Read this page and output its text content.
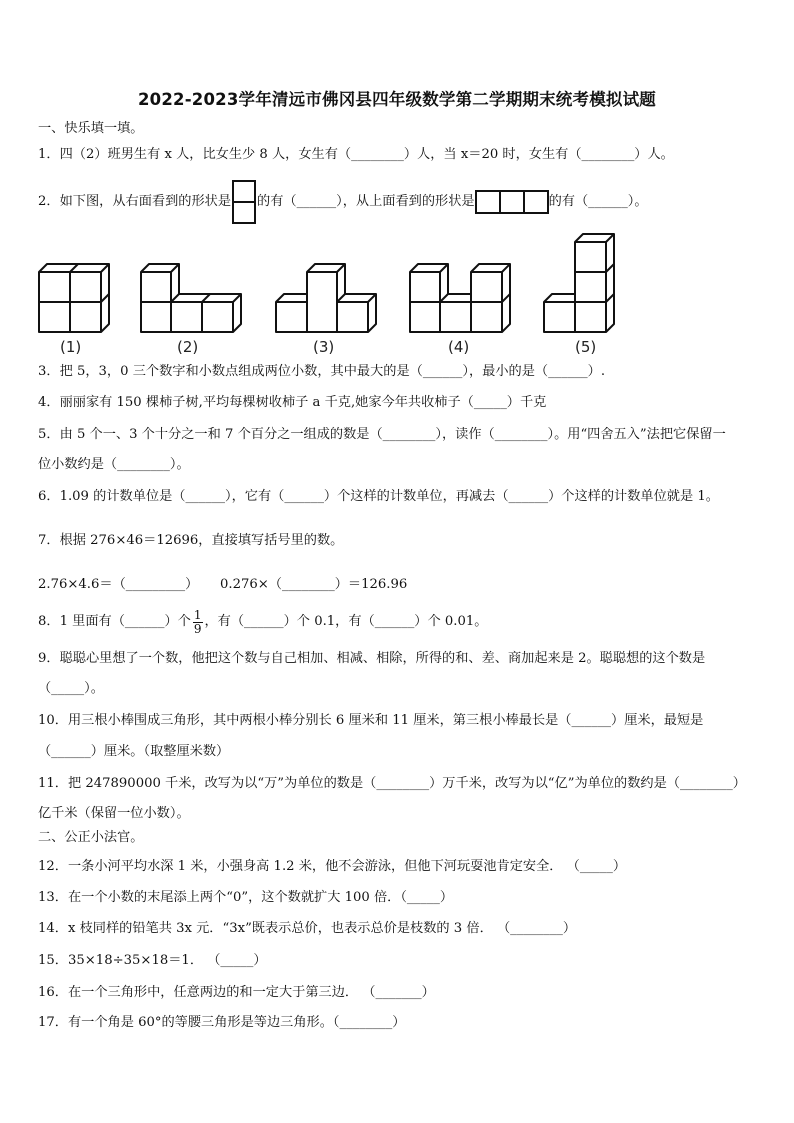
2022-2023学年清远市佛冈县四年级数学第二学期期末统考模拟试题
一、快乐填一填。
1．四（2）班男生有 x 人，比女生少 8 人，女生有（________）人，当 x＝20 时，女生有（________）人。
2．如下图，从右面看到的形状是 的有（______），从上面看到的形状是	的有（______）。
(1)	(2)	(3)	(4)	(5)
3．把 5，3，0 三个数字和小数点组成两位小数，其中最大的是（______），最小的是（______）.
4．丽丽家有 150 棵柿子树,平均每棵树收柿子 a 千克,她家今年共收柿子（_____）千克
5．由 5 个一、3 个十分之一和 7 个百分之一组成的数是（________），读作（________）。用“四舍五入”法把它保留一
位小数约是（________）。
6．1.09 的计数单位是（______），它有（______）个这样的计数单位，再减去（______）个这样的计数单位就是 1。
7．根据 276×46＝12696，直接填写括号里的数。
2.76×4.6＝（_________） 0.276×（________）＝126.96
8．1 里面有（______）个 $\frac{1}{9}$ ，有（______）个 0.1，有（______）个 0.01。
9．聪聪心里想了一个数，他把这个数与自己相加、相减、相除，所得的和、差、商加起来是 2。聪聪想的这个数是
（_____）。
10．用三根小棒围成三角形，其中两根小棒分别长 6 厘米和 11 厘米，第三根小棒最长是（______）厘米，最短是
（______）厘米。（取整厘米数）
11．把 247890000 千米，改写为以“万”为单位的数是（________）万千米，改写为以“亿”为单位的数约是（________）
亿千米（保留一位小数）。
二、公正小法官。
12．一条小河平均水深 1 米，小强身高 1.2 米，他不会游泳，但他下河玩耍池肯定安全． （_____）
13．在一个小数的末尾添上两个“0”，这个数就扩大 100 倍．（_____）
14．x 枝同样的铅笔共 3x 元．“3x”既表示总价，也表示总价是枝数的 3 倍． （________）
15．35×18÷35×18＝1． （_____）
16．在一个三角形中，任意两边的和一定大于第三边． （_______）
17．有一个角是 60°的等腰三角形是等边三角形。（________）
